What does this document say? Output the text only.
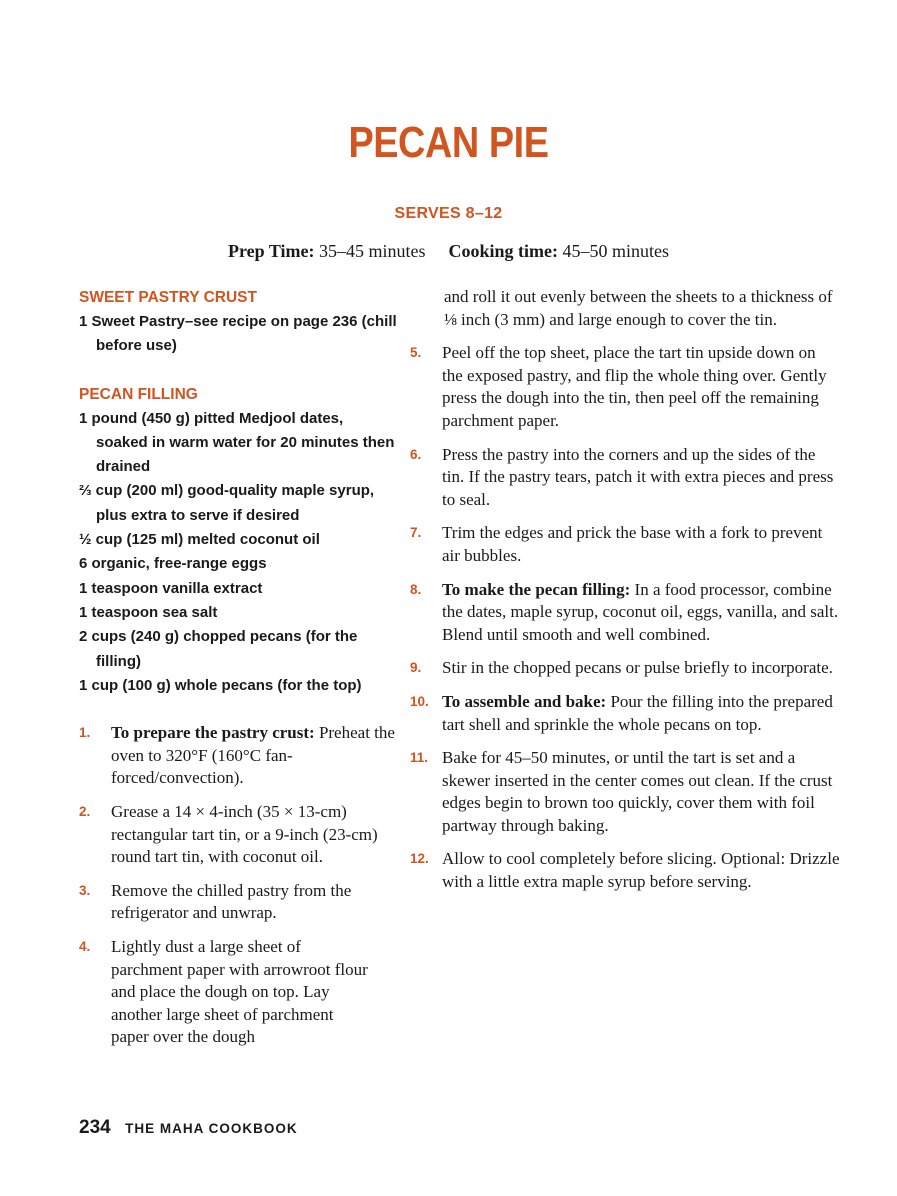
PECAN PIE
SERVES 8–12
Prep Time: 35–45 minutes Cooking time: 45–50 minutes

SWEET PASTRY CRUST

1 Sweet Pastry–see recipe on page 236 (chill before use)

PECAN FILLING

1 pound (450 g) pitted Medjool dates, soaked in warm water for 20 minutes then drained

⅔ cup (200 ml) good-quality maple syrup, plus extra to serve if desired

½ cup (125 ml) melted coconut oil

6 organic, free-range eggs

1 teaspoon vanilla extract

1 teaspoon sea salt

2 cups (240 g) chopped pecans (for the filling)

1 cup (100 g) whole pecans (for the top)

1.	To prepare the pastry crust: Preheat the oven to 320°F (160°C fan-forced/convection).
2.	Grease a 14 × 4-inch (35 × 13-cm) rectangular tart tin, or a 9-inch (23-cm) round tart tin, with coconut oil.
3.	Remove the chilled pastry from the refrigerator and unwrap.
4.	Lightly dust a large sheet of parchment paper with arrowroot flour and place the dough on top. Lay another large sheet of parchment paper over the dough
and roll it out evenly between the sheets to a thickness of ⅛ inch (3 mm) and large enough to cover the tin.
5.	Peel off the top sheet, place the tart tin upside down on the exposed pastry, and flip the whole thing over. Gently press the dough into the tin, then peel off the remaining parchment paper.
6.	Press the pastry into the corners and up the sides of the tin. If the pastry tears, patch it with extra pieces and press to seal.
7.	Trim the edges and prick the base with a fork to prevent air bubbles.
8.	To make the pecan filling: In a food processor, combine the dates, maple syrup, coconut oil, eggs, vanilla, and salt. Blend until smooth and well combined.
9.	Stir in the chopped pecans or pulse briefly to incorporate.
10. To assemble and bake: Pour the filling into the prepared tart shell and sprinkle the whole pecans on top.
11. Bake for 45–50 minutes, or until the tart is set and a skewer inserted in the center comes out clean. If the crust edges begin to brown too quickly, cover them with foil partway through baking.
12. Allow to cool completely before slicing. Optional: Drizzle with a little extra maple syrup before serving.
234 THE MAHA COOKBOOK
